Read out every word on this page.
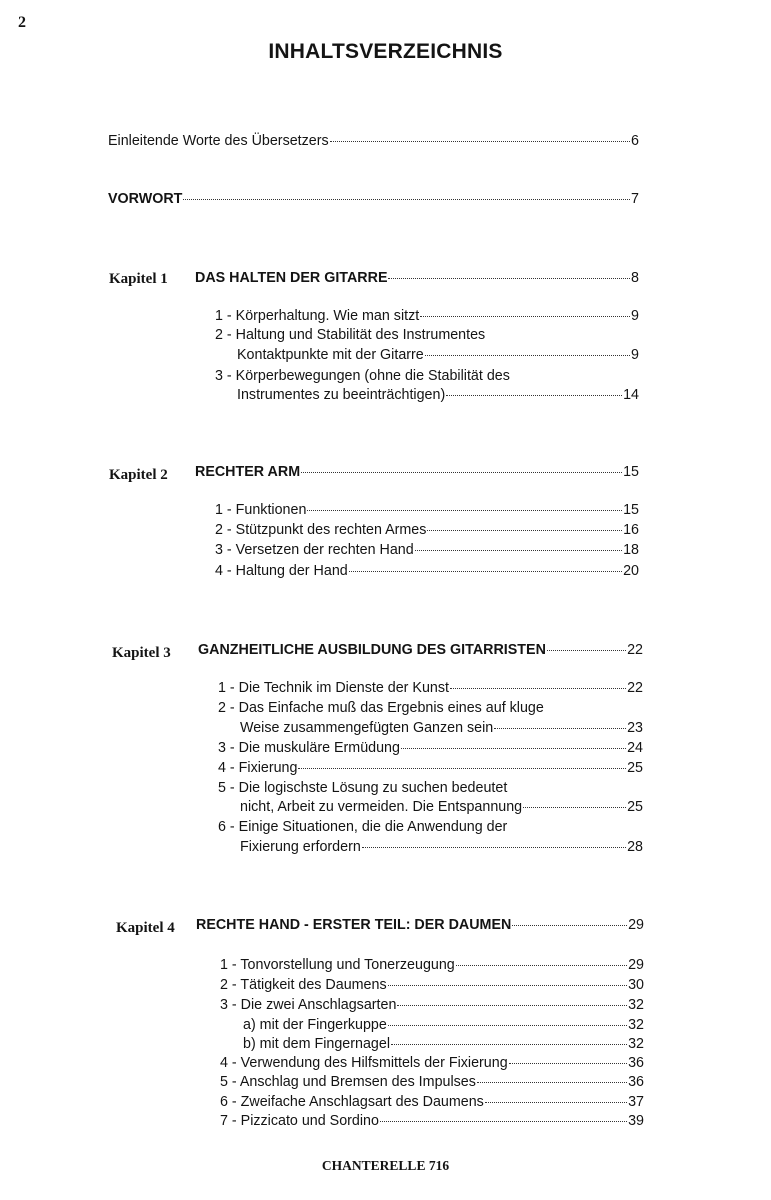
2
INHALTSVERZEICHNIS
Einleitende Worte des Übersetzers	6
VORWORT	7
Kapitel 1 DAS HALTEN DER GITARRE	8
1 - Körperhaltung. Wie man sitzt	9
2 - Haltung und Stabilität des Instrumentes
Kontaktpunkte mit der Gitarre	9
3 - Körperbewegungen (ohne die Stabilität des
Instrumentes zu beeinträchtigen)	14
Kapitel 2 RECHTER ARM	15
1 - Funktionen	15
2 - Stützpunkt des rechten Armes	16
3 - Versetzen der rechten Hand	18
4 - Haltung der Hand	20
Kapitel 3 GANZHEITLICHE AUSBILDUNG DES GITARRISTEN	22
1 - Die Technik im Dienste der Kunst	22
2 - Das Einfache muß das Ergebnis eines auf kluge
Weise zusammengefügten Ganzen sein	23
3 - Die muskuläre Ermüdung	24
4 - Fixierung	25
5 - Die logischste Lösung zu suchen bedeutet
nicht, Arbeit zu vermeiden. Die Entspannung	25
6 - Einige Situationen, die die Anwendung der
Fixierung erfordern	28
Kapitel 4 RECHTE HAND - ERSTER TEIL: DER DAUMEN	29
1 - Tonvorstellung und Tonerzeugung	29
2 - Tätigkeit des Daumens	30
3 - Die zwei Anschlagsarten	32
a) mit der Fingerkuppe	32
b) mit dem Fingernagel	32
4 - Verwendung des Hilfsmittels der Fixierung	36
5 - Anschlag und Bremsen des Impulses	36
6 - Zweifache Anschlagsart des Daumens	37
7 - Pizzicato und Sordino	39
CHANTERELLE 716
